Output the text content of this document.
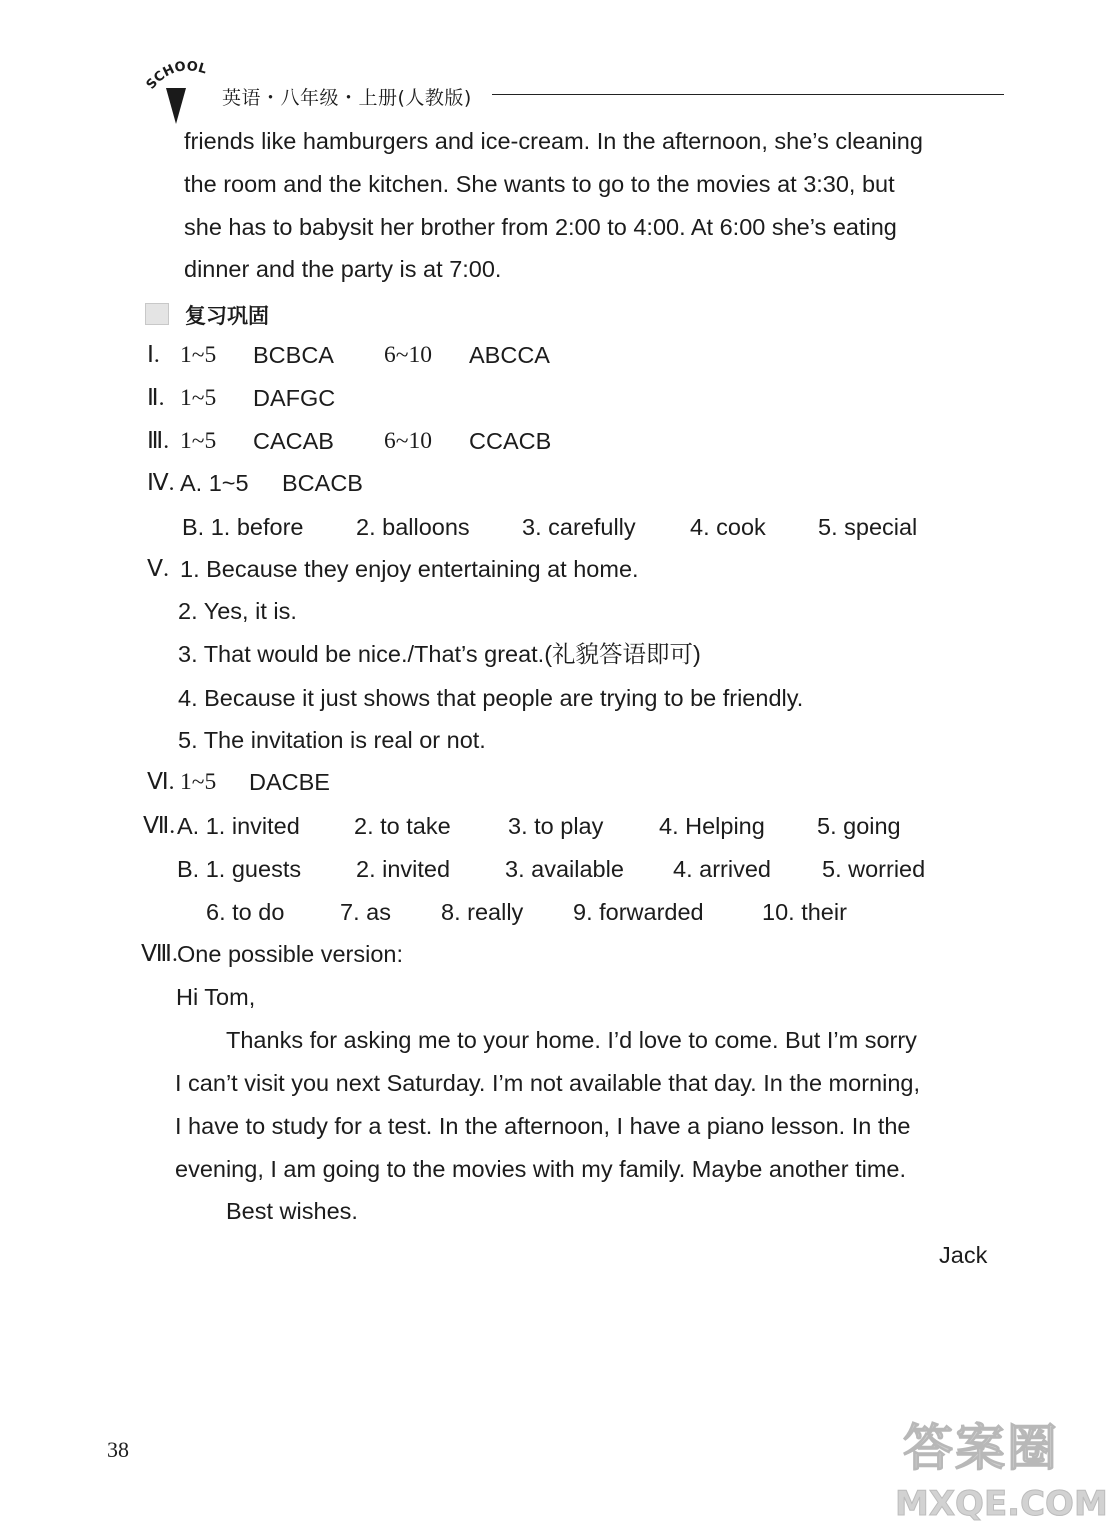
SCHOOL
英语・八年级・上册(人教版)
friends like hamburgers and ice-cream. In the afternoon, she’s cleaning
the room and the kitchen. She wants to go to the movies at 3:30, but
she has to babysit her brother from 2:00 to 4:00. At 6:00 she’s eating
dinner and the party is at 7:00.
复习巩固
Ⅰ. 1~5 BCBCA 6~10 ABCCA
Ⅱ. 1~5 DAFGC
Ⅲ. 1~5 CACAB 6~10 CCACB
Ⅳ. A. 1~5 BCACB
B. 1. before 2. balloons 3. carefully 4. cook 5. special
Ⅴ. 1. Because they enjoy entertaining at home.
2. Yes, it is.
3. That would be nice./That’s great.(礼貌答语即可)
4. Because it just shows that people are trying to be friendly.
5. The invitation is real or not.
Ⅵ. 1~5 DACBE
Ⅶ. A. 1. invited 2. to take 3. to play 4. Helping 5. going
B. 1. guests 2. invited 3. available 4. arrived 5. worried
6. to do 7. as 8. really 9. forwarded 10. their
Ⅷ. One possible version:
Hi Tom,
Thanks for asking me to your home. I’d love to come. But I’m sorry
I can’t visit you next Saturday. I’m not available that day. In the morning,
I have to study for a test. In the afternoon, I have a piano lesson. In the
evening, I am going to the movies with my family. Maybe another time.
Best wishes.
Jack
38	答案圈
MXQE.COM
